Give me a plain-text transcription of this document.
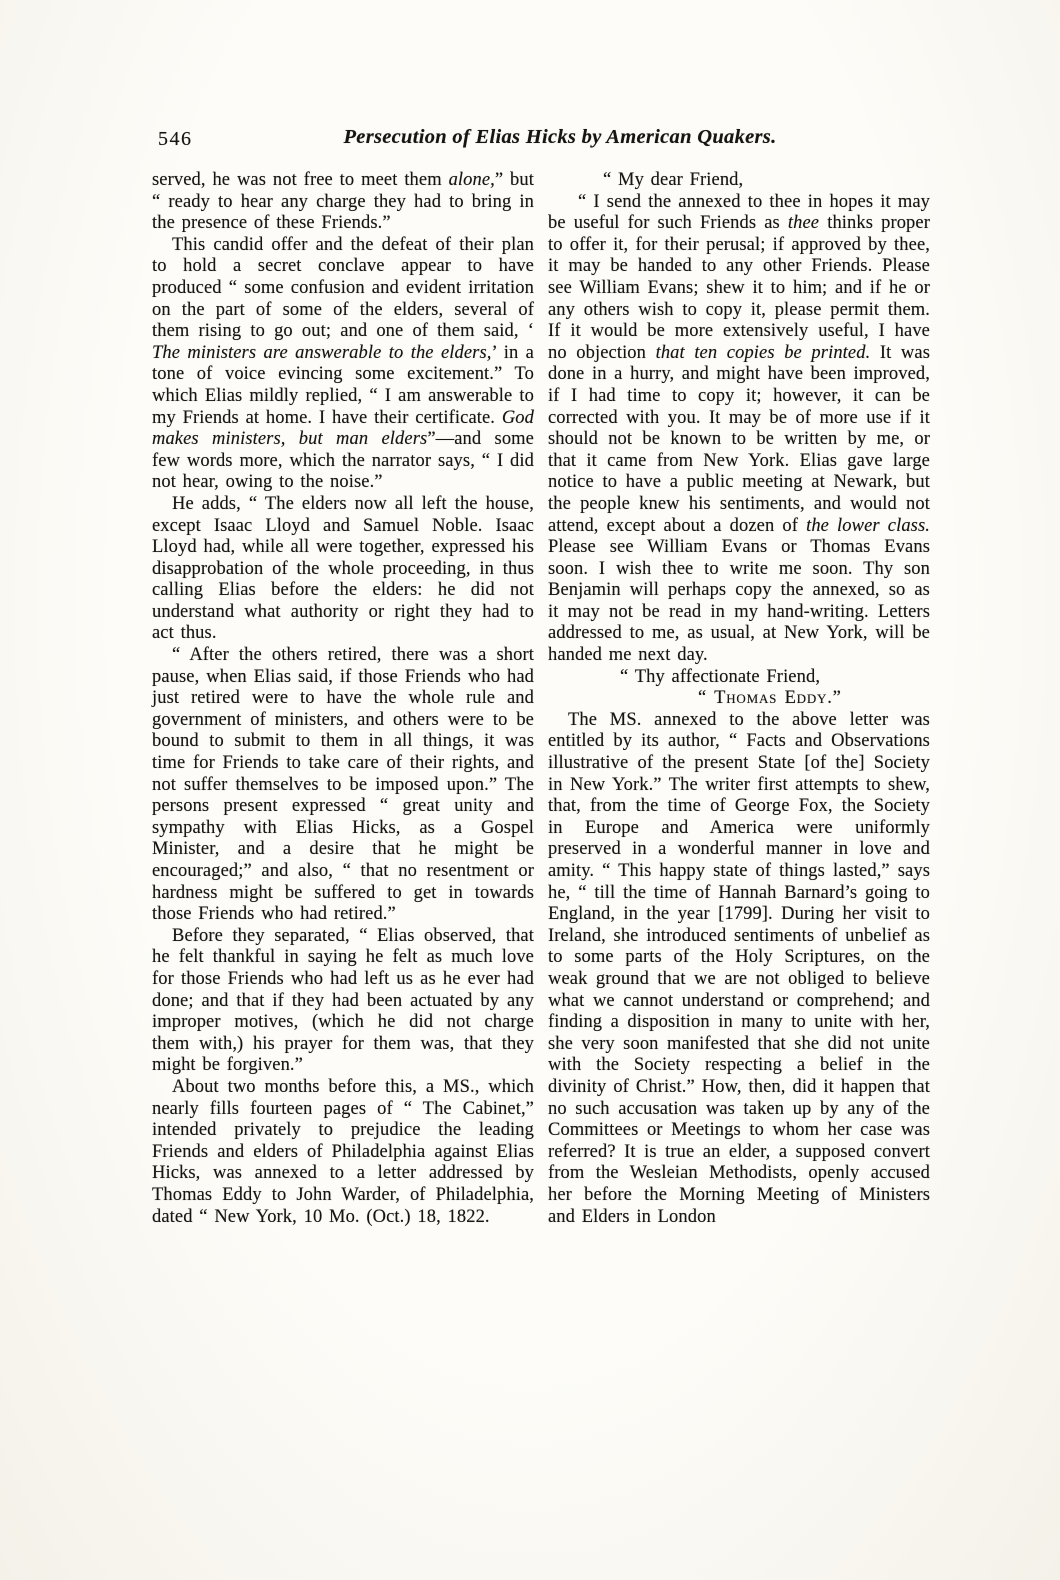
546	Persecution of Elias Hicks by American Quakers.

served, he was not free to meet them alone,” but “ ready to hear any charge they had to bring in the presence of these Friends.”

This candid offer and the defeat of their plan to hold a secret conclave appear to have produced “ some confusion and evident irritation on the part of some of the elders, several of them rising to go out; and one of them said, ‘ The ministers are answerable to the elders,’ in a tone of voice evincing some excitement.” To which Elias mildly replied, “ I am answerable to my Friends at home. I have their certificate. God makes ministers, but man elders”—and some few words more, which the narrator says, “ I did not hear, owing to the noise.”

He adds, “ The elders now all left the house, except Isaac Lloyd and Samuel Noble. Isaac Lloyd had, while all were together, expressed his disapprobation of the whole proceeding, in thus calling Elias before the elders: he did not understand what authority or right they had to act thus.

“ After the others retired, there was a short pause, when Elias said, if those Friends who had just retired were to have the whole rule and government of ministers, and others were to be bound to submit to them in all things, it was time for Friends to take care of their rights, and not suffer themselves to be imposed upon.” The persons present expressed “ great unity and sympathy with Elias Hicks, as a Gospel Minister, and a desire that he might be encouraged;” and also, “ that no resentment or hardness might be suffered to get in towards those Friends who had retired.”

Before they separated, “ Elias observed, that he felt thankful in saying he felt as much love for those Friends who had left us as he ever had done; and that if they had been actuated by any improper motives, (which he did not charge them with,) his prayer for them was, that they might be forgiven.”

About two months before this, a MS., which nearly fills fourteen pages of “ The Cabinet,” intended privately to prejudice the leading Friends and elders of Philadelphia against Elias Hicks, was annexed to a letter addressed by Thomas Eddy to John Warder, of Philadelphia, dated “ New York, 10 Mo. (Oct.) 18, 1822.

“ My dear Friend,

“ I send the annexed to thee in hopes it may be useful for such Friends as thee thinks proper to offer it, for their perusal; if approved by thee, it may be handed to any other Friends. Please see William Evans; shew it to him; and if he or any others wish to copy it, please permit them. If it would be more extensively useful, I have no objection that ten copies be printed. It was done in a hurry, and might have been improved, if I had time to copy it; however, it can be corrected with you. It may be of more use if it should not be known to be written by me, or that it came from New York. Elias gave large notice to have a public meeting at Newark, but the people knew his sentiments, and would not attend, except about a dozen of the lower class. Please see William Evans or Thomas Evans soon. I wish thee to write me soon. Thy son Benjamin will perhaps copy the annexed, so as it may not be read in my hand-writing. Letters addressed to me, as usual, at New York, will be handed me next day.

“ Thy affectionate Friend,

“ Thomas Eddy.”

The MS. annexed to the above letter was entitled by its author, “ Facts and Observations illustrative of the present State [of the] Society in New York.” The writer first attempts to shew, that, from the time of George Fox, the Society in Europe and America were uniformly preserved in a wonderful manner in love and amity. “ This happy state of things lasted,” says he, “ till the time of Hannah Barnard’s going to England, in the year [1799]. During her visit to Ireland, she introduced sentiments of unbelief as to some parts of the Holy Scriptures, on the weak ground that we are not obliged to believe what we cannot understand or comprehend; and finding a disposition in many to unite with her, she very soon manifested that she did not unite with the Society respecting a belief in the divinity of Christ.” How, then, did it happen that no such accusation was taken up by any of the Committees or Meetings to whom her case was referred? It is true an elder, a supposed convert from the Wesleian Methodists, openly accused her before the Morning Meeting of Ministers and Elders in London
